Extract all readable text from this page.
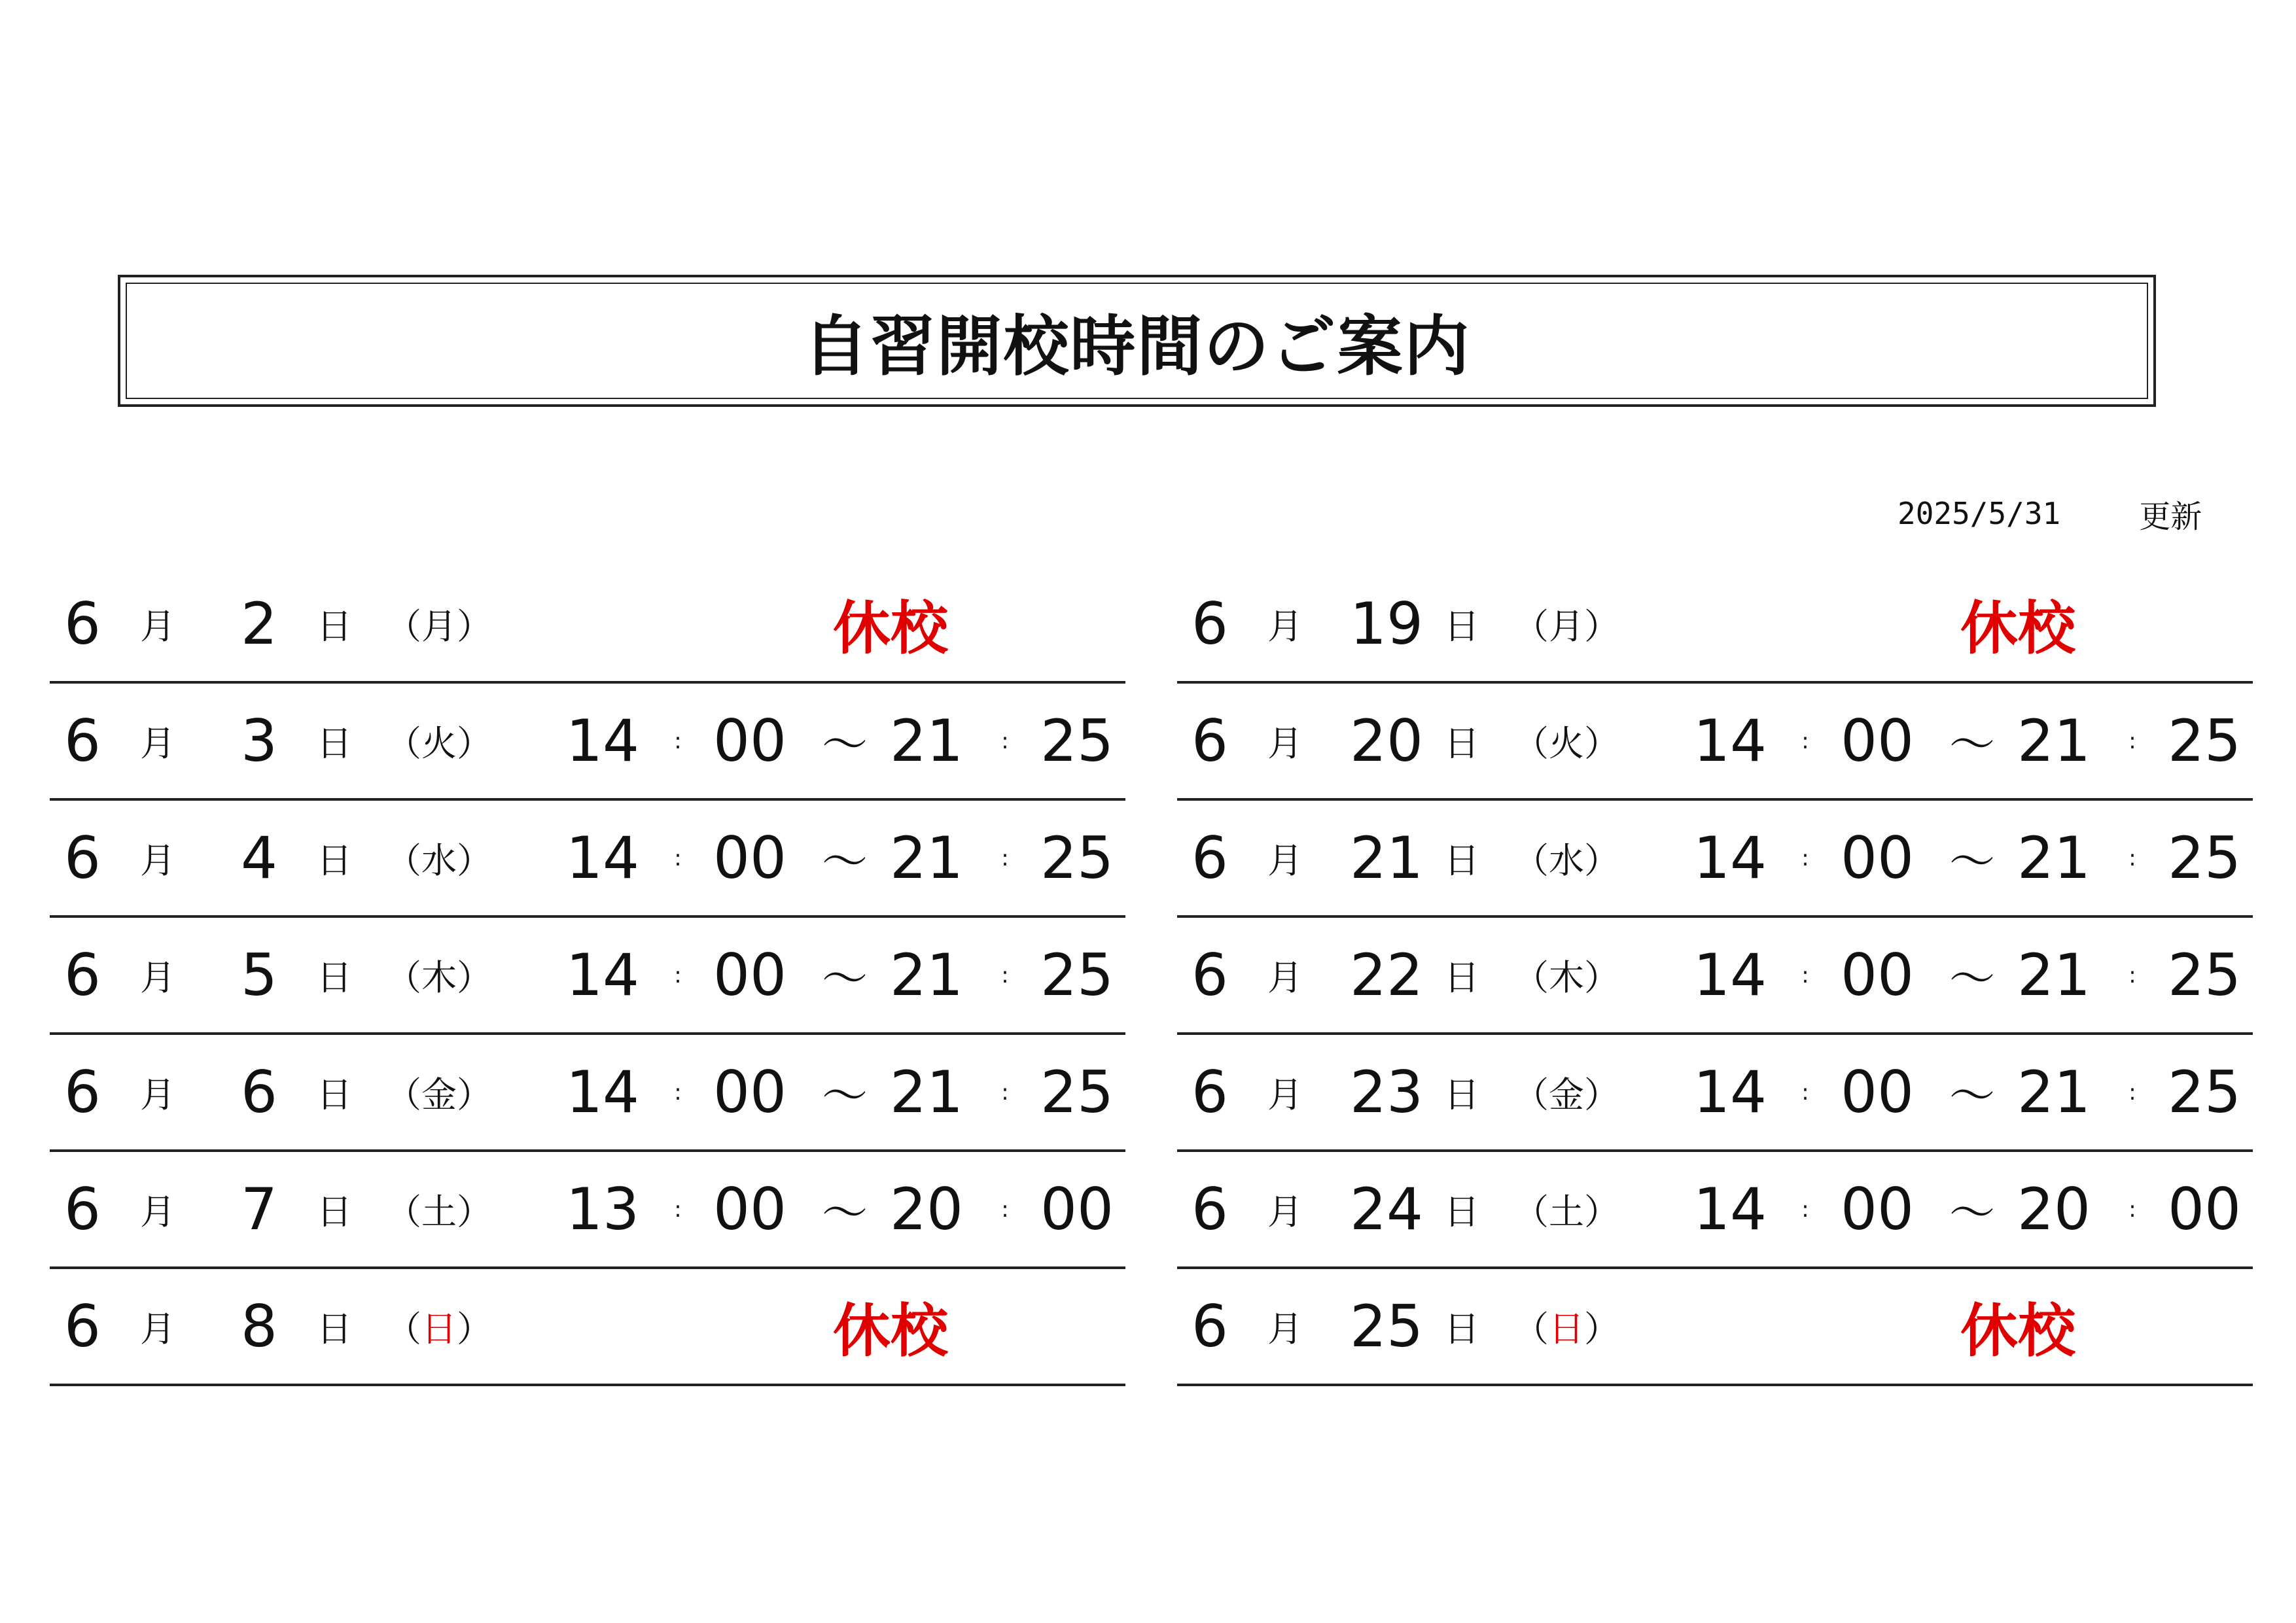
自習開校時間のご案内
2025/5/31	更新
6	月	2	日 （ 月 ）	休校
6	月	3	日 （ 火 ） 14	: 00 ～ 21	: 25
6	月	4	日 （ 水 ） 14	: 00 ～ 21	: 25
6	月	5	日 （ 木 ） 14	: 00 ～ 21	: 25
6	月	6	日 （ 金 ） 14	: 00 ～ 21	: 25
6	月	7	日 （ 土 ） 13	: 00 ～ 20	: 00
6	月	8	日 （ 日 ）	休校
6	月 19 日 （ 月 ）	休校
6	月 20 日 （ 火 ） 14	: 00 ～ 21	: 25
6	月 21 日 （ 水 ） 14	: 00 ～ 21	: 25
6	月 22 日 （ 木 ） 14	: 00 ～ 21	: 25
6	月 23 日 （ 金 ） 14	: 00 ～ 21	: 25
6	月 24 日 （ 土 ） 14	: 00 ～ 20	: 00
6	月 25 日 （ 日 ）	休校
